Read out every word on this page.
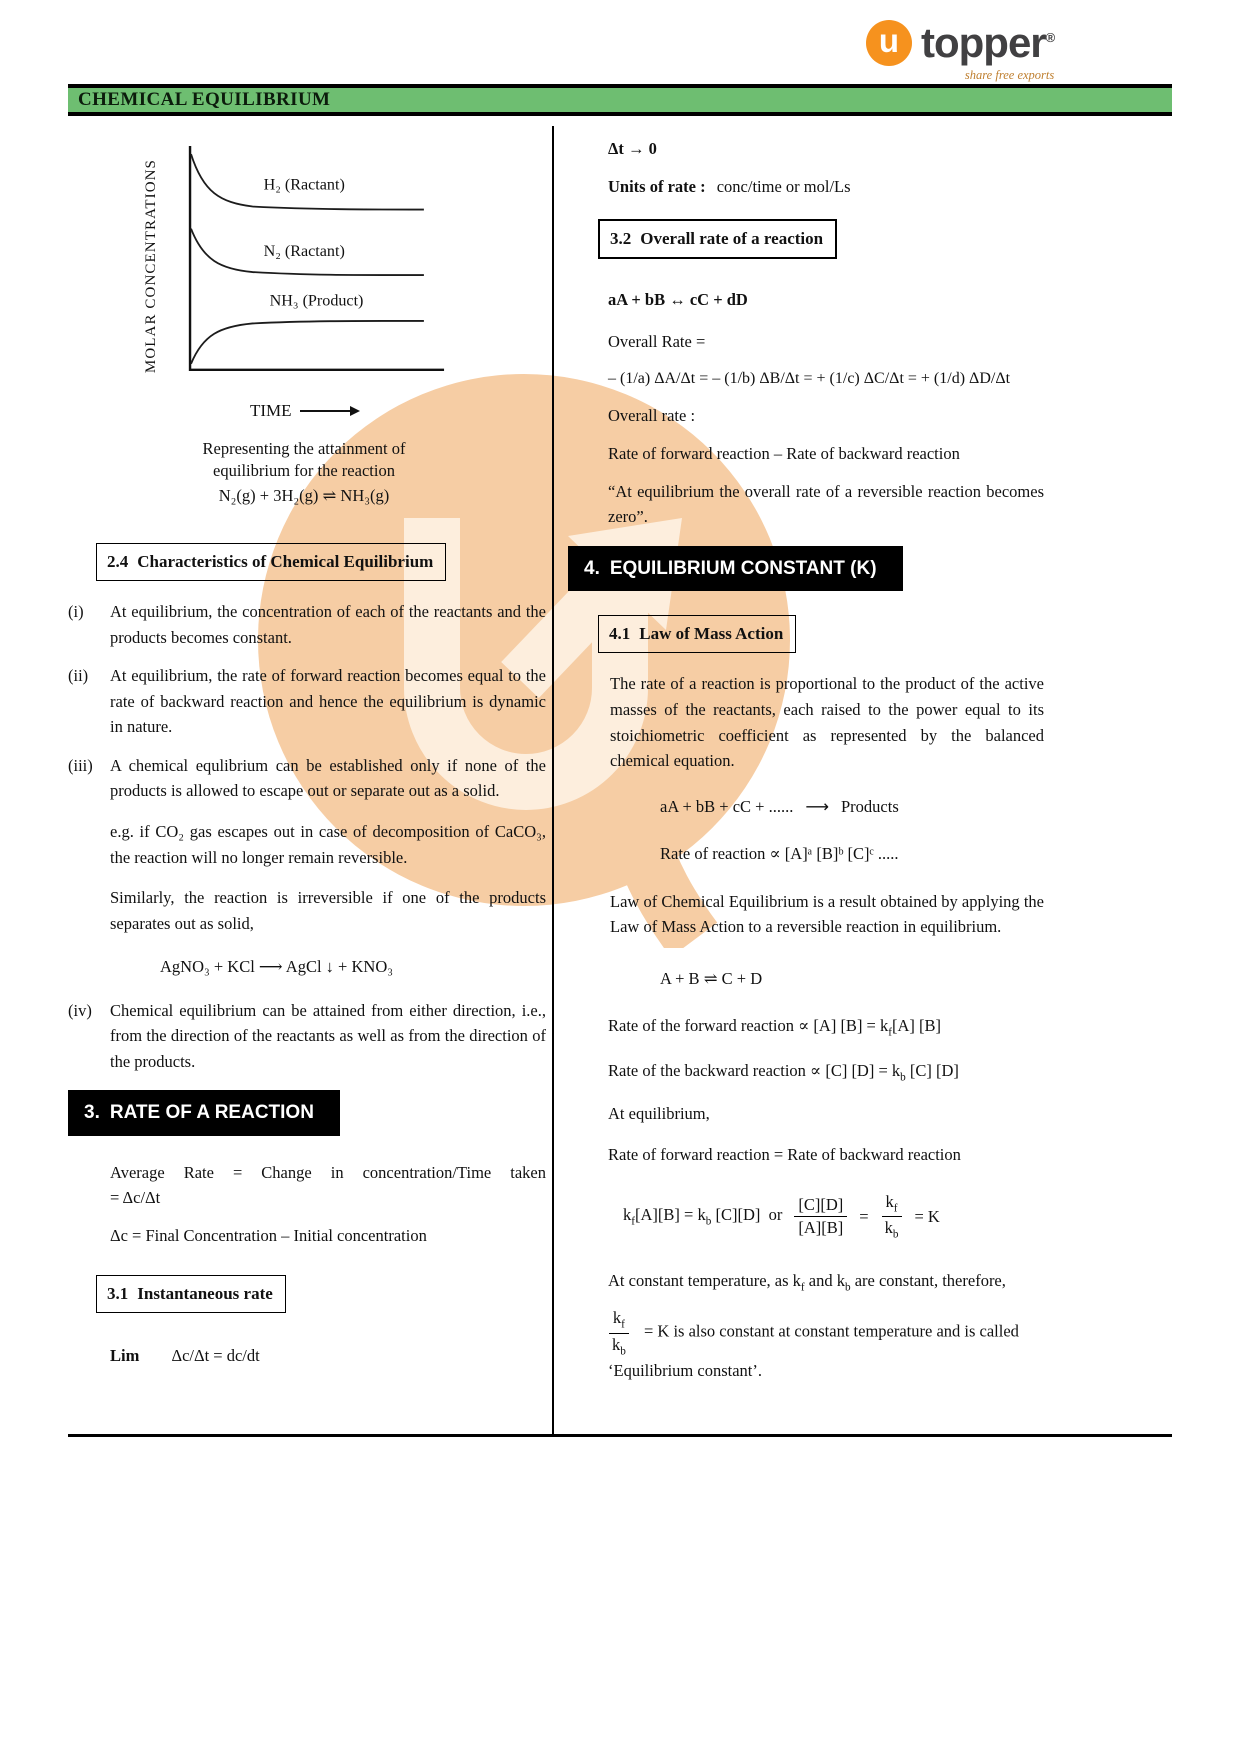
u topper®
share free exports
CHEMICAL EQUILIBRIUM
MOLAR CONCENTRATIONS	H₂ (Ractant)
N₂ (Ractant)
NH₃ (Product)
TIME
Representing the attainment of
equilibrium for the reaction
N₂(g) + 3H₂(g) ⇌ NH₃(g)
2.4 Characteristics of Chemical Equilibrium
(i)	At equilibrium, the concentration of each of the reactants and the products becomes constant.
(ii)	At equilibrium, the rate of forward reaction becomes equal to the rate of backward reaction and hence the equilibrium is dynamic in nature.
(iii)	A chemical equlibrium can be established only if none of the products is allowed to escape out or separate out as a solid.
e.g. if CO₂ gas escapes out in case of decomposition of CaCO₃, the reaction will no longer remain reversible.
Similarly, the reaction is irreversible if one of the products separates out as solid,
AgNO₃ + KCl ⟶ AgCl ↓ + KNO₃
(iv)	Chemical equilibrium can be attained from either direction, i.e., from the direction of the reactants as well as from the direction of the products.
3. RATE OF A REACTION
Average Rate = Change in concentration/Time taken
= Δc/Δt
Δc = Final Concentration – Initial concentration
3.1 Instantaneous rate
Lim Δc/Δt = dc/dt
Δt → 0
Units of rate : conc/time or mol/Ls
3.2 Overall rate of a reaction
aA + bB ↔ cC + dD
Overall Rate =
– (1/a) ΔA/Δt = – (1/b) ΔB/Δt = + (1/c) ΔC/Δt = + (1/d) ΔD/Δt
Overall rate :
Rate of forward reaction – Rate of backward reaction
“At equilibrium the overall rate of a reversible reaction becomes zero”.
4. EQUILIBRIUM CONSTANT (K)
4.1 Law of Mass Action
The rate of a reaction is proportional to the product of the active masses of the reactants, each raised to the power equal to its stoichiometric coefficient as represented by the balanced chemical equation.
aA + bB + cC + ...... ⟶ Products
Rate of reaction ∝ [A]ᵃ [B]ᵇ [C]ᶜ .....
Law of Chemical Equilibrium is a result obtained by applying the Law of Mass Action to a reversible reaction in equilibrium.
A + B ⇌ C + D
Rate of the forward reaction ∝ [A] $[B] = k_f[A]$ [B]
Rate of the backward reaction ∝ [C] $[D] = k_b$ [C] [D]
At equilibrium,
Rate of forward reaction = Rate of backward reaction
$k_f[A][B] = k_b$ [C][D]  or $\frac{[C][D]}{[A][B]} = \frac{k_f}{k_b} = K$
At constant temperature, as $k_f$ and $k_b$ are constant, therefore,
$\frac{k_f}{k_b} = K$ is also constant at constant temperature and is called ‘Equilibrium constant’.
